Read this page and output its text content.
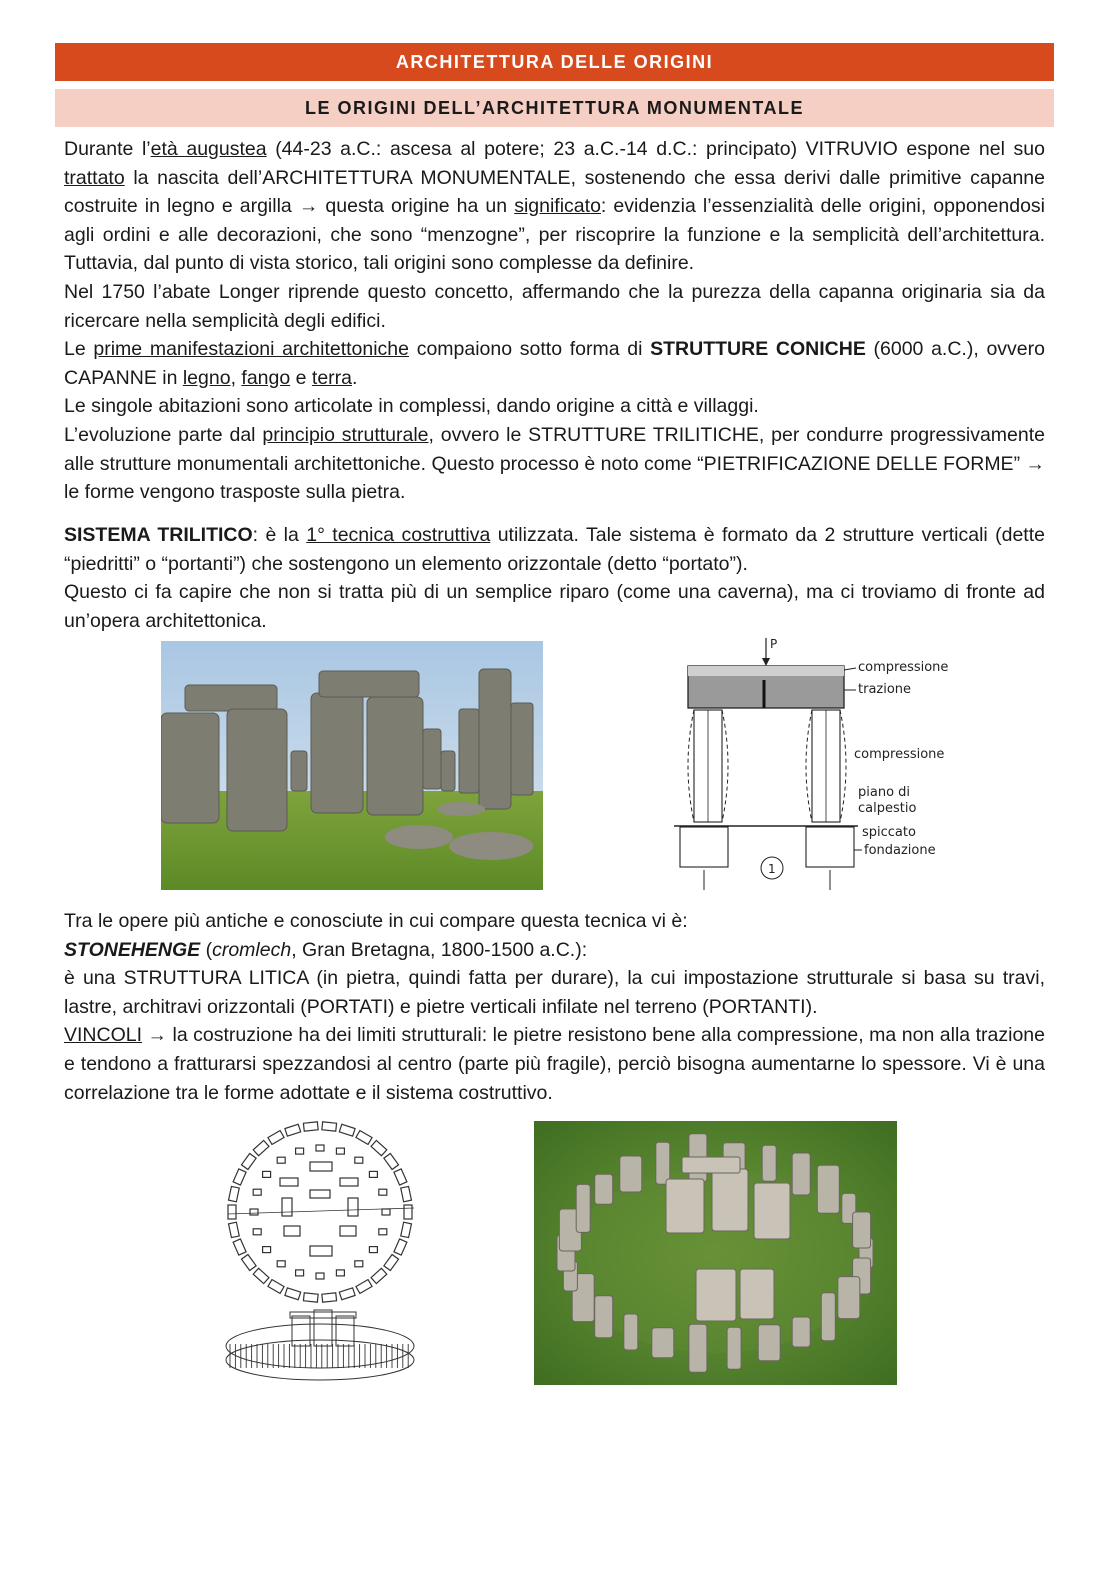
ARCHITETTURA DELLE ORIGINI
LE ORIGINI DELL’ARCHITETTURA MONUMENTALE

Durante l’età augustea (44-23 a.C.: ascesa al potere; 23 a.C.-14 d.C.: principato) VITRUVIO espone nel suo trattato la nascita dell’ARCHITETTURA MONUMENTALE, sostenendo che essa derivi dalle primitive capanne costruite in legno e argilla → questa origine ha un significato: evidenzia l’essenzialità delle origini, opponendosi agli ordini e alle decorazioni, che sono “menzogne”, per riscoprire la funzione e la semplicità dell’architettura. Tuttavia, dal punto di vista storico, tali origini sono complesse da definire.

Nel 1750 l’abate Longer riprende questo concetto, affermando che la purezza della capanna originaria sia da ricercare nella semplicità degli edifici.

Le prime manifestazioni architettoniche compaiono sotto forma di STRUTTURE CONICHE (6000 a.C.), ovvero CAPANNE in legno, fango e terra.

Le singole abitazioni sono articolate in complessi, dando origine a città e villaggi.

L’evoluzione parte dal principio strutturale, ovvero le STRUTTURE TRILITICHE, per condurre progressivamente alle strutture monumentali architettoniche. Questo processo è noto come “PIETRIFICAZIONE DELLE FORME” → le forme vengono trasposte sulla pietra.

SISTEMA TRILITICO: è la 1° tecnica costruttiva utilizzata. Tale sistema è formato da 2 strutture verticali (dette “piedritti” o “portanti”) che sostengono un elemento orizzontale (detto “portato”).

Questo ci fa capire che non si tratta più di un semplice riparo (come una caverna), ma ci troviamo di fronte ad un’opera architettonica.

P
1
compressione
trazione
compressione
piano di
calpestio
spiccato
fondazione

Tra le opere più antiche e conosciute in cui compare questa tecnica vi è:

STONEHENGE (cromlech, Gran Bretagna, 1800-1500 a.C.):

è una STRUTTURA LITICA (in pietra, quindi fatta per durare), la cui impostazione strutturale si basa su travi, lastre, architravi orizzontali (PORTATI) e pietre verticali infilate nel terreno (PORTANTI).

VINCOLI → la costruzione ha dei limiti strutturali: le pietre resistono bene alla compressione, ma non alla trazione e tendono a fratturarsi spezzandosi al centro (parte più fragile), perciò bisogna aumentarne lo spessore. Vi è una correlazione tra le forme adottate e il sistema costruttivo.
